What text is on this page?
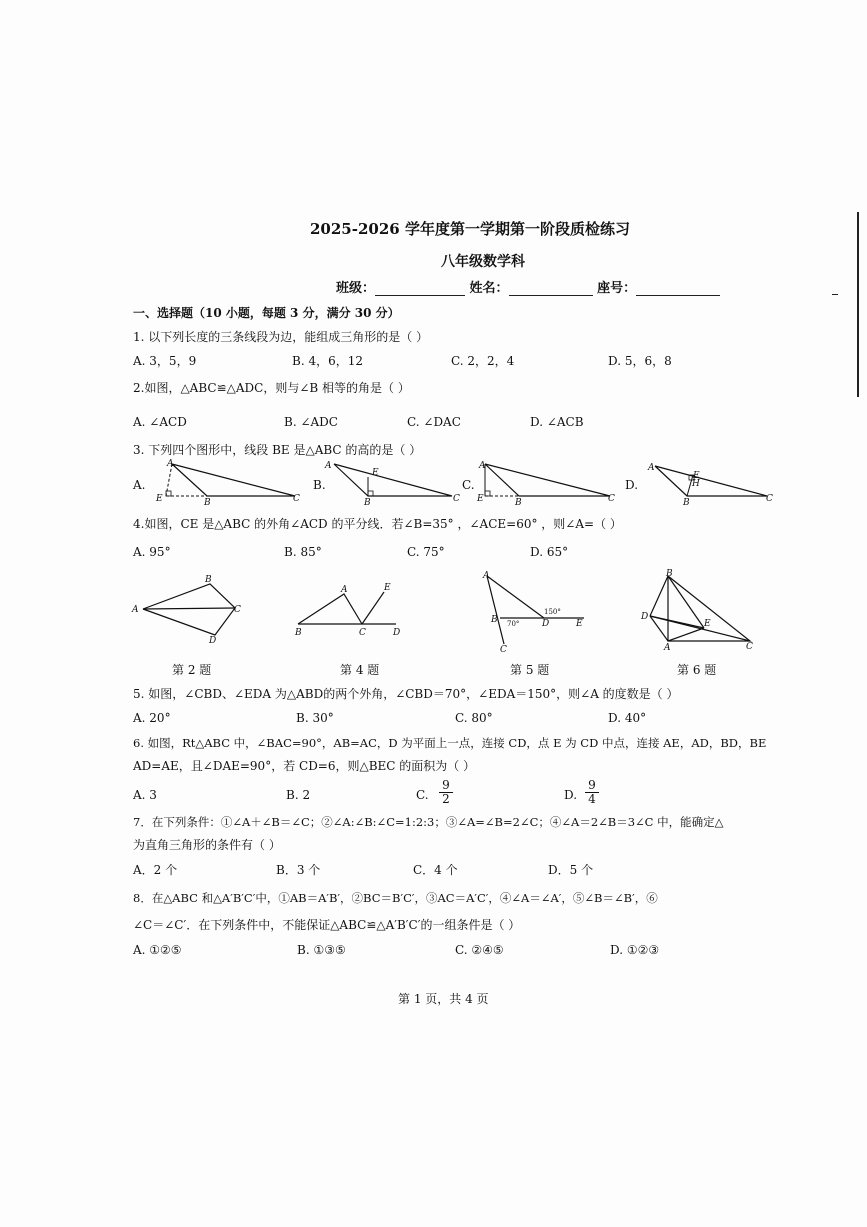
2025-2026 学年度第一学期第一阶段质检练习
八年级数学科
班级：	姓名：	座号：
一、选择题（10 小题，每题 3 分，满分 30 分）
1. 以下列长度的三条线段为边，能组成三角形的是（ ）
A. 3，5，9	B. 4，6，12	C. 2，2，4	D. 5，6，8
2.如图，△ABC≌△ADC，则与∠B 相等的角是（ ）
A. ∠ACD	B. ∠ADC	C. ∠DAC	D. ∠ACB
3. 下列四个图形中，线段 BE 是△ABC 的高的是（ ）
A.	B.	C.	D.
A
E	B	C
A
E
B	C
A
E	B	C
A
E
H
B	C
4.如图，CE 是△ABC 的外角∠ACD 的平分线．若∠B=35° ，∠ACE=60° ，则∠A=（ ）
A. 95°	B. 85°	C. 75°	D. 65°
A
B
C
D
A	E
B	C	D
A
B
C
D	E
150°
70°
B
D
E
A	C
第 2 题	第 4 题	第 5 题	第 6 题
5. 如图，∠CBD、∠EDA 为△ABD的两个外角，∠CBD＝70°，∠EDA＝150°，则∠A 的度数是（ ）
A. 20°	B. 30°	C. 80°	D. 40°
6. 如图，Rt△ABC 中，∠BAC=90°，AB=AC，D 为平面上一点，连接 CD，点 E 为 CD 中点，连接 AE，AD，BD，BE
AD=AE，且∠DAE=90°，若 CD=6，则△BEC 的面积为（ ）
A. 3	B. 2	C. $\frac{9}{2}$	D. $\frac{9}{4}$
7．在下列条件：①∠A＋∠B＝∠C；②∠A:∠B:∠C=1:2:3；③∠A=∠B=2∠C；④∠A＝2∠B＝3∠C 中，能确定△
为直角三角形的条件有（ ）
A．2 个	B．3 个	C．4 个	D．5 个
8．在△ABC 和△A′B′C′中，①AB＝A′B′，②BC＝B′C′，③AC＝A′C′，④∠A＝∠A′，⑤∠B＝∠B′，⑥
∠C＝∠C′．在下列条件中，不能保证△ABC≌△A′B′C′的一组条件是（ ）
A. ①②⑤	B. ①③⑤	C. ②④⑤	D. ①②③
第 1 页，共 4 页
